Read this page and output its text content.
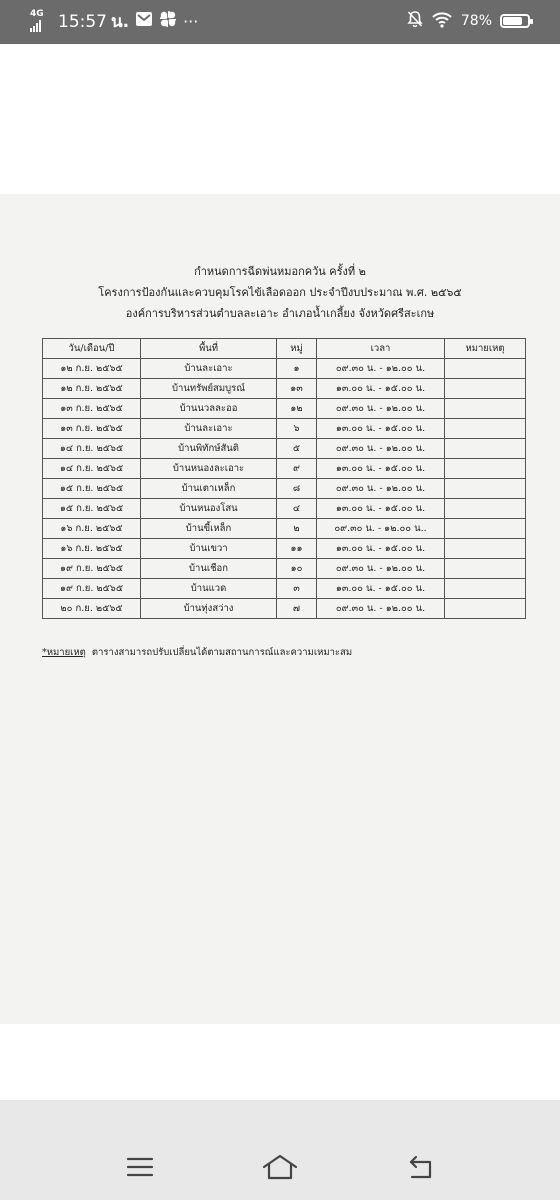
4G 15:57 น.	···	78%
กำหนดการฉีดพ่นหมอกควัน ครั้งที่ ๒
โครงการป้องกันและควบคุมโรคไข้เลือดออก ประจำปีงบประมาณ พ.ศ. ๒๕๖๕
องค์การบริหารส่วนตำบลละเอาะ อำเภอน้ำเกลี้ยง จังหวัดศรีสะเกษ
วัน/เดือน/ปี	พื้นที่	หมู่	เวลา	หมายเหตุ
๑๒ ก.ย. ๒๕๖๕	บ้านละเอาะ	๑	๐๙.๓๐ น. - ๑๒.๐๐ น.	
๑๒ ก.ย. ๒๕๖๕	บ้านทรัพย์สมบูรณ์	๑๓	๑๓.๐๐ น. - ๑๕.๐๐ น.	
๑๓ ก.ย. ๒๕๖๕	บ้านนวลละออ	๑๒	๐๙.๓๐ น. - ๑๒.๐๐ น.	
๑๓ ก.ย. ๒๕๖๕	บ้านละเอาะ	๖	๑๓.๐๐ น. - ๑๕.๐๐ น.	
๑๔ ก.ย. ๒๕๖๕	บ้านพิทักษ์สันติ	๕	๐๙.๓๐ น. - ๑๒.๐๐ น.	
๑๔ ก.ย. ๒๕๖๕	บ้านหนองละเอาะ	๙	๑๓.๐๐ น. - ๑๕.๐๐ น.	
๑๕ ก.ย. ๒๕๖๕	บ้านเตาเหล็ก	๘	๐๙.๓๐ น. - ๑๒.๐๐ น.	
๑๕ ก.ย. ๒๕๖๕	บ้านหนองโสน	๔	๑๓.๐๐ น. - ๑๕.๐๐ น.	
๑๖ ก.ย. ๒๕๖๕	บ้านขี้เหล็ก	๒	๐๙.๓๐ น. - ๑๒.๐๐ น..	
๑๖ ก.ย. ๒๕๖๕	บ้านเขวา	๑๑	๑๓.๐๐ น. - ๑๕.๐๐ น.	
๑๙ ก.ย. ๒๕๖๕	บ้านเชือก	๑๐	๐๙.๓๐ น. - ๑๒.๐๐ น.	
๑๙ ก.ย. ๒๕๖๕	บ้านแวด	๓	๑๓.๐๐ น. - ๑๕.๐๐ น.	
๒๐ ก.ย. ๒๕๖๕	บ้านทุ่งสว่าง	๗	๐๙.๓๐ น. - ๑๒.๐๐ น.	
*หมายเหตุ ตารางสามารถปรับเปลี่ยนได้ตามสถานการณ์และความเหมาะสม
